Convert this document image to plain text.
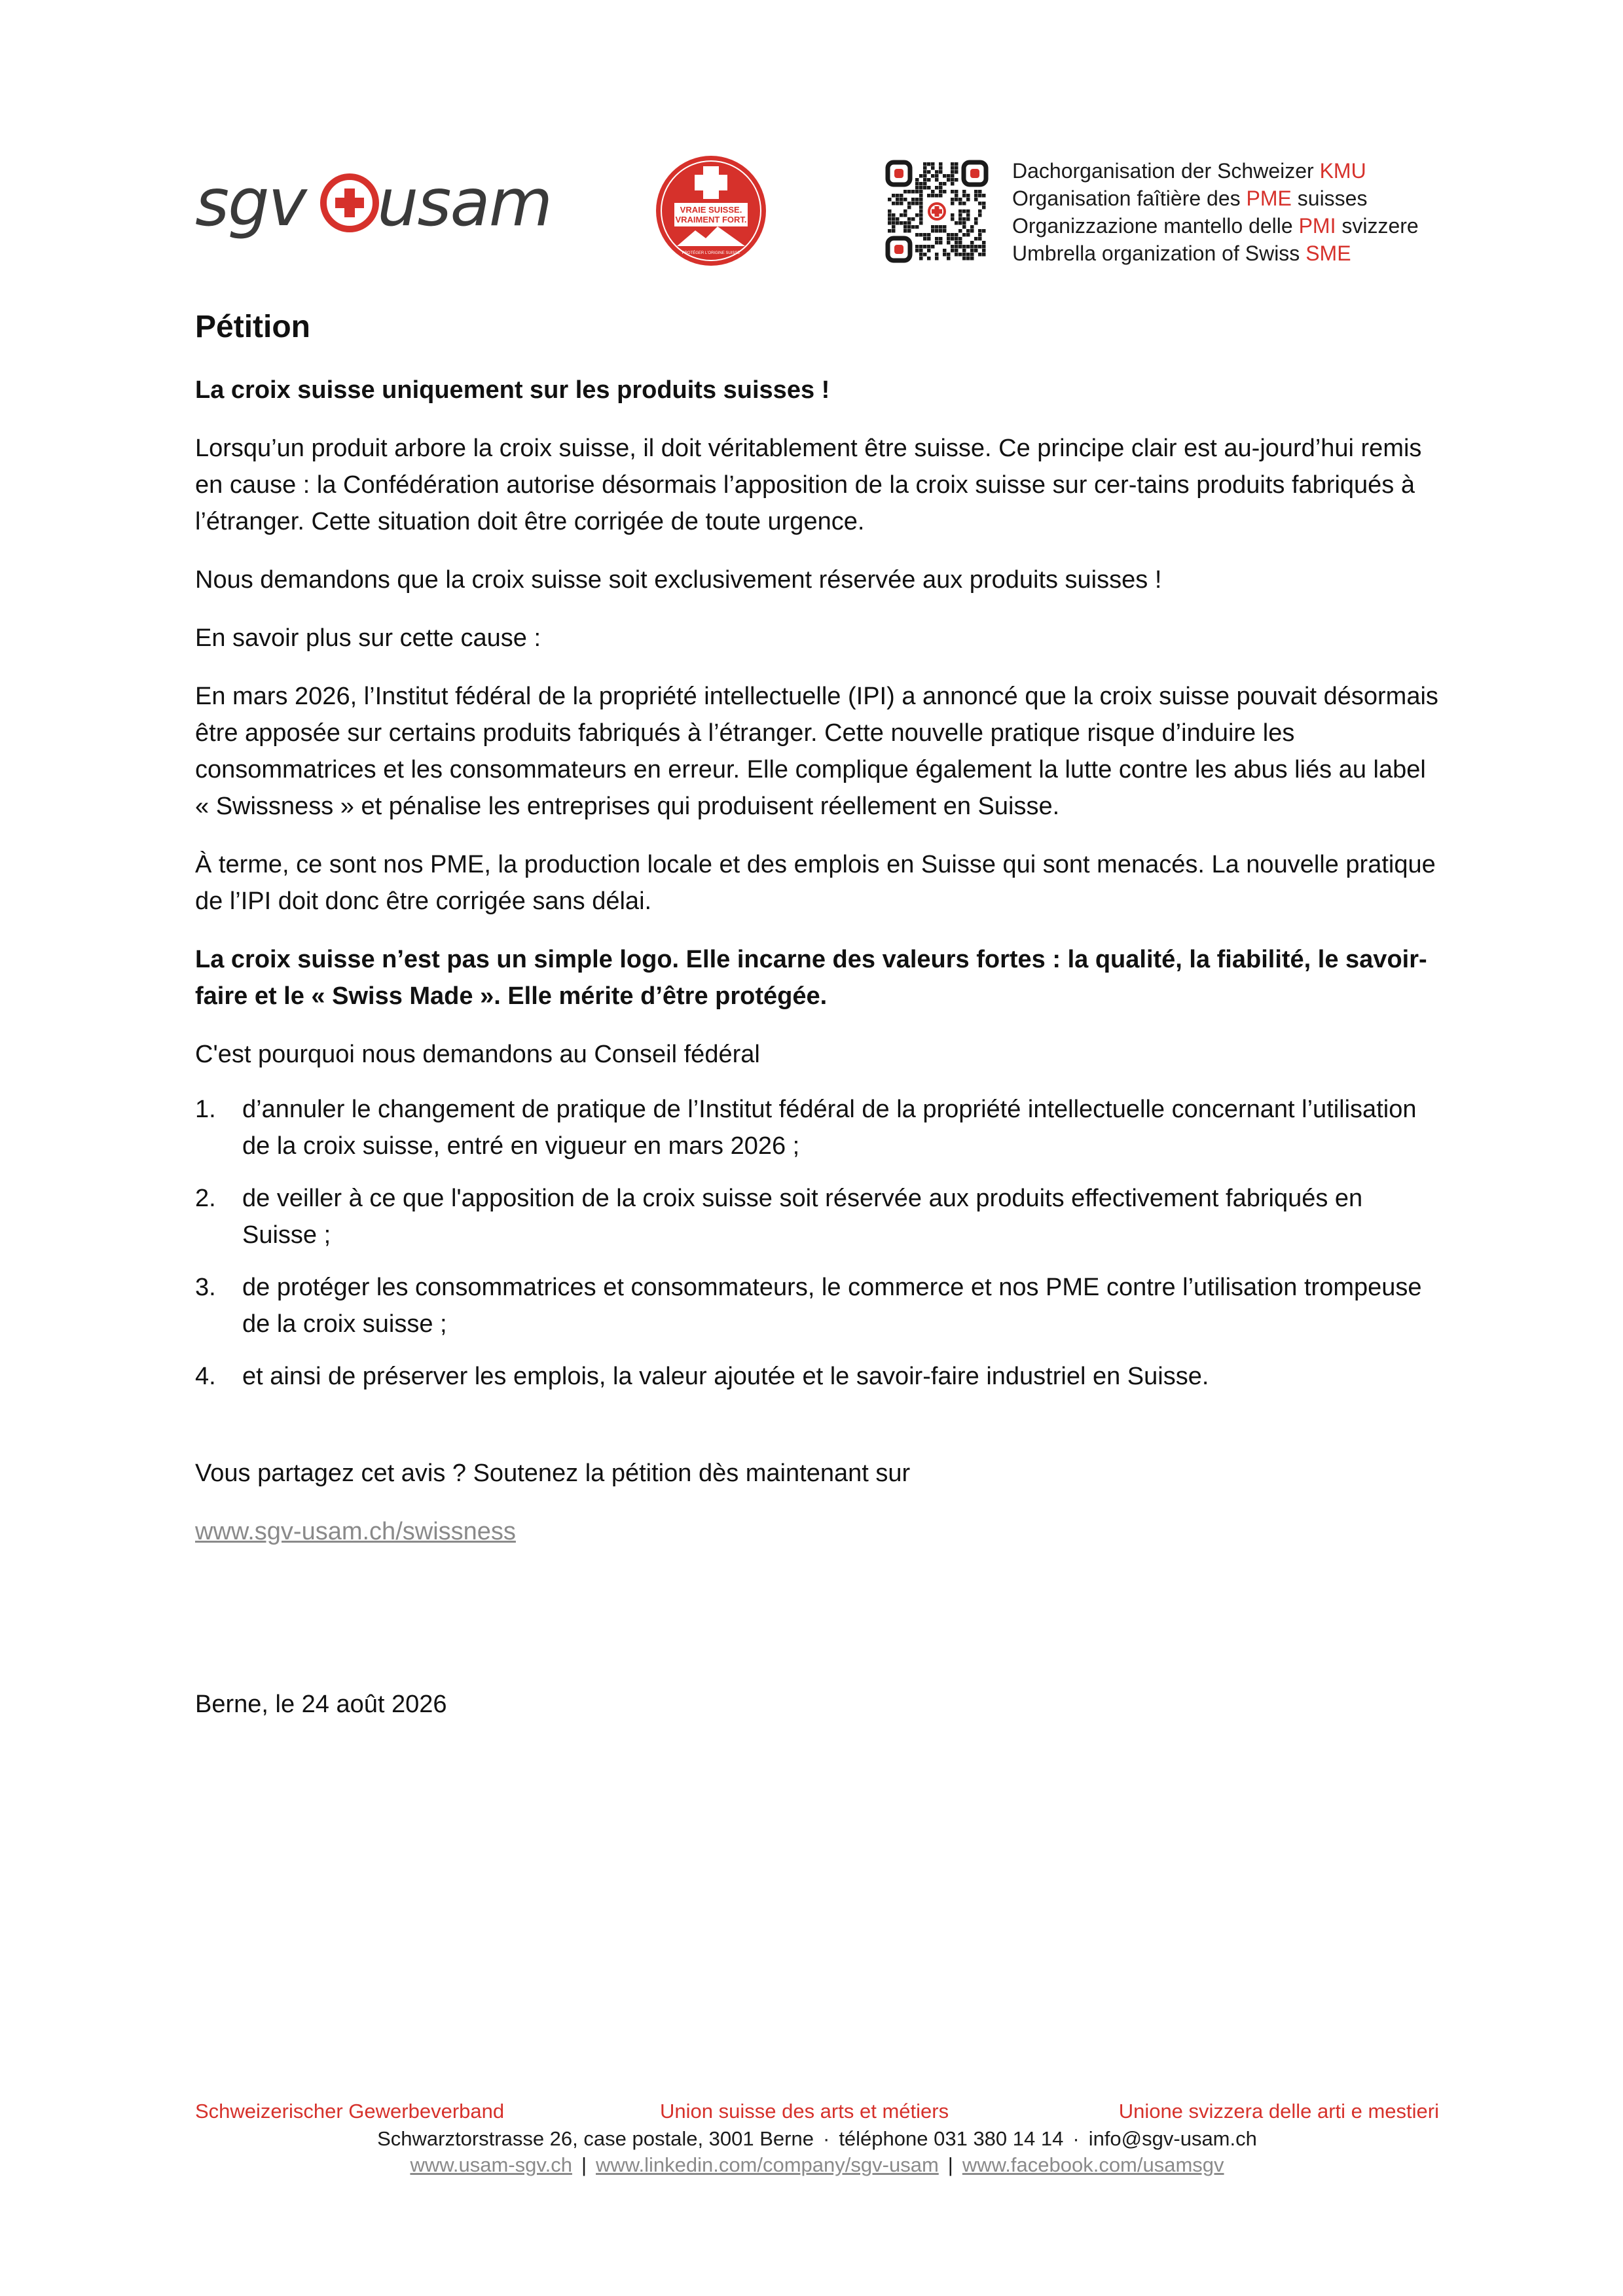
sgv usam	VRAIE SUISSE.
VRAIMENT FORT.
PROTÉGER L'ORIGINE SUISSE
Dachorganisation der Schweizer KMU
Organisation faîtière des PME suisses
Organizzazione mantello delle PMI svizzere
Umbrella organization of Swiss SME
Pétition

La croix suisse uniquement sur les produits suisses !

Lorsqu’un produit arbore la croix suisse, il doit véritablement être suisse. Ce principe clair est au-jourd’hui remis en cause : la Confédération autorise désormais l’apposition de la croix suisse sur cer-tains produits fabriqués à l’étranger. Cette situation doit être corrigée de toute urgence.

Nous demandons que la croix suisse soit exclusivement réservée aux produits suisses !

En savoir plus sur cette cause :

En mars 2026, l’Institut fédéral de la propriété intellectuelle (IPI) a annoncé que la croix suisse pouvait désormais être apposée sur certains produits fabriqués à l’étranger. Cette nouvelle pratique risque d’induire les consommatrices et les consommateurs en erreur. Elle complique également la lutte contre les abus liés au label « Swissness » et pénalise les entreprises qui produisent réellement en Suisse.

À terme, ce sont nos PME, la production locale et des emplois en Suisse qui sont menacés. La nouvelle pratique de l’IPI doit donc être corrigée sans délai.

La croix suisse n’est pas un simple logo. Elle incarne des valeurs fortes : la qualité, la fiabilité, le savoir-faire et le « Swiss Made ». Elle mérite d’être protégée.

C'est pourquoi nous demandons au Conseil fédéral

1. d’annuler le changement de pratique de l’Institut fédéral de la propriété intellectuelle concernant l’utilisation de la croix suisse, entré en vigueur en mars 2026 ;
2. de veiller à ce que l'apposition de la croix suisse soit réservée aux produits effectivement fabriqués en Suisse ;
3. de protéger les consommatrices et consommateurs, le commerce et nos PME contre l’utilisation trompeuse de la croix suisse ;
4. et ainsi de préserver les emplois, la valeur ajoutée et le savoir-faire industriel en Suisse.

Vous partagez cet avis ? Soutenez la pétition dès maintenant sur

www.sgv-usam.ch/swissness

Berne, le 24 août 2026

Schweizerischer Gewerbeverband	Union suisse des arts et métiers	Unione svizzera delle arti e mestieri
Schwarztorstrasse 26, case postale, 3001 Berne · téléphone 031 380 14 14 · info@sgv-usam.ch
www.usam-sgv.ch | www.linkedin.com/company/sgv-usam | www.facebook.com/usamsgv
